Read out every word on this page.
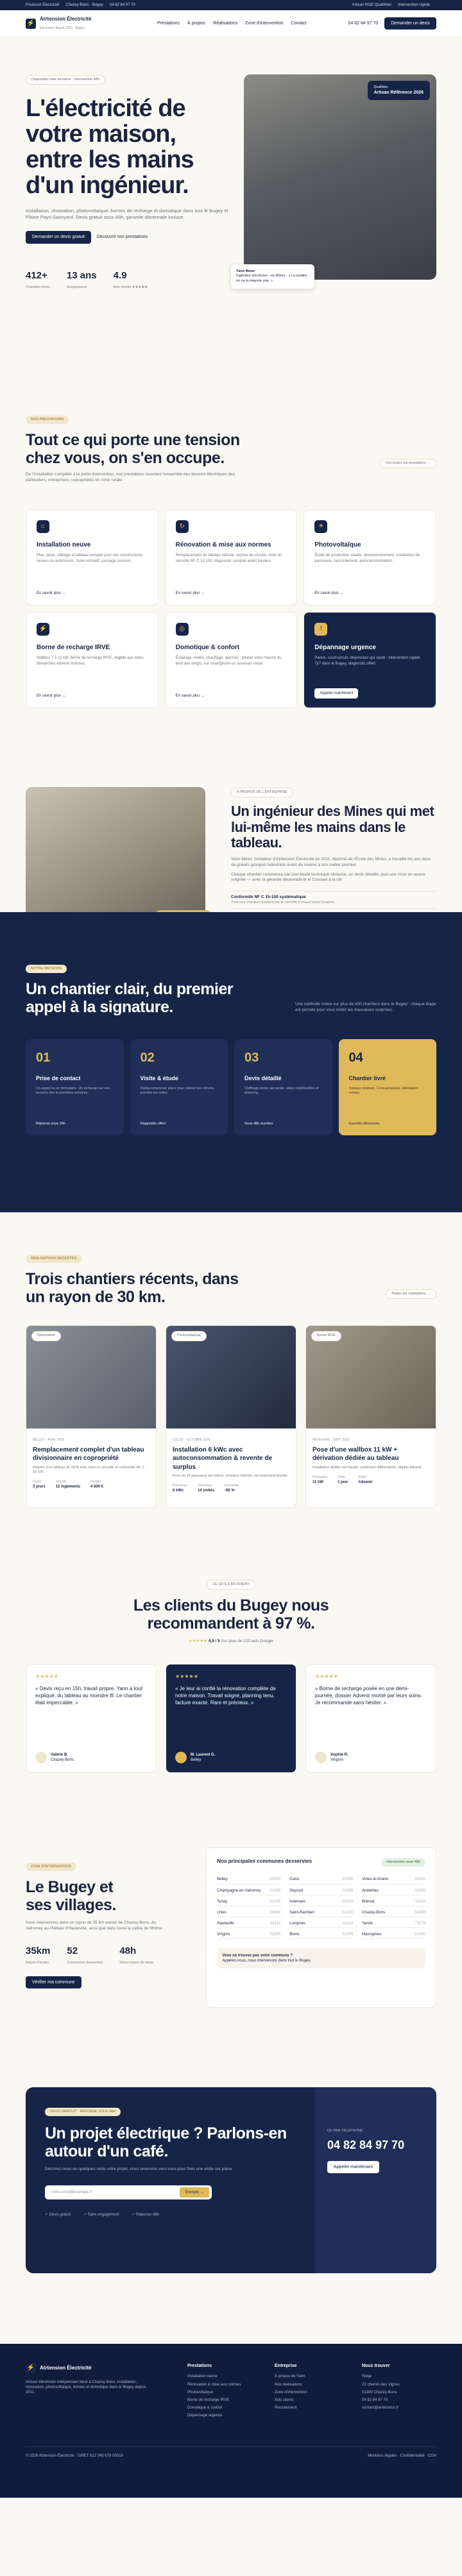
Pouisson Electricité Chazey-Bons · Bugey 04 82 84 97 70	Artisan RGE Qualifelec Intervention rapide
⚡
Atrtension Électricité
Électricien depuis 2011 · Bugey
Prestations À propos Réalisations Zone d'intervention Contact	04 82 84 97 70	Demander un devis
Disponible cette semaine · Intervention 48h
L'électricité de votre maison, entre les mains d'un ingénieur.

Installation, rénovation, photovoltaïque, bornes de recharge et domotique dans tout le Bugey et Plaine Pays-Savoyard. Devis gratuit sous 48h, garantie décennale incluse.

Demander un devis gratuit	Découvrir nos prestations
412+
Chantiers livrés
13 ans
d'expérience
4.9
Avis clients ★★★★★
Qualifelec
Artisan Référence 2026
Yann Meier
Ingénieur électricien · ex-Mines · « La qualité, on ne la négocie pas. »
NOS PRESTATIONS
Tout ce qui porte une tension chez vous, on s'en occupe.

De l'installation complète à la petite intervention, nos prestations couvrent l'ensemble des besoins électriques des particuliers, entreprises, copropriétés en zone rurale.

Voir toutes les prestations →
⌂
Installation neuve

Plan, pose, câblage et tableau complet pour vos constructions neuves ou extensions. Suivi normatif, passage consuel.

En savoir plus →
↻
Rénovation & mise aux normes

Remplacement de tableau vétuste, reprise de circuits, mise en sécurité NF C 15-100, diagnostic complet avant travaux.

En savoir plus →
☀
Photovoltaïque

Étude de production solaire, dimensionnement, installation de panneaux, raccordement, autoconsommation.

En savoir plus →
⚡
Borne de recharge IRVE

Wallbox 7 à 22 kW, borne de recharge IRVE, éligible aux aides, démarches Advenir incluses.

En savoir plus →
◎
Domotique & confort

Éclairage, volets, chauffage, alarmes : pilotez votre maison du bout des doigts, sur smartphone ou assistant vocal.

En savoir plus →
!
Dépannage urgence

Panne, court-circuit, disjoncteur qui saute : intervention rapide 7j/7 dans le Bugey, diagnostic offert.

Appeler maintenant
À PROPOS DE L'ENTREPRISE
Un ingénieur des Mines qui met lui-même les mains dans le tableau.

Yann Meier, fondateur d'Atrtension Électricité en 2011, diplômé de l'École des Mines, a travaillé dix ans dans de grands groupes industriels avant de revenir à son métier premier.

Chaque chantier commence par une étude technique sérieuse, un devis détaillé, puis une mise en œuvre soignée — avec la garantie décennale et le Consuel à la clé.

Conformité NF C 15-100 systématique
Tous nos chantiers passent par le contrôle Consuel avant livraison

NOTRE MÉTHODE
Un chantier clair, du premier appel à la signature.	Une méthode rodée sur plus de 400 chantiers dans le Bugey : chaque étape est pensée pour vous éviter les mauvaises surprises.

01
Prise de contact

Un appel ou un formulaire. Un échange sur vos besoins dès la première semaine.

Réponse sous 24h
02
Visite & étude

Déplacement sur place pour relever les circuits, prendre les cotes.

Diagnostic offert
03
Devis détaillé

Chiffrage poste par poste, aides mobilisables et planning.

Sous 48h ouvrées
04
Chantier livré

Travaux réalisés, Consuel passé, attestation remise.

Garantie décennale
RÉALISATIONS RÉCENTES
Trois chantiers récents, dans un rayon de 30 km.	Toutes les réalisations →
Rénovation
BELLEY · AVRIL 2026
Remplacement complet d'un tableau divisionnaire en copropriété

Reprise d'un tableau de 1978 avec mise en sécurité et conformité NF C 15-100.

Durée
3 jours
Circuits
12 logements
Budget
4 800 €
Photovoltaïque
CULOZ · OCTOBRE 2025
Installation 6 kWc avec autoconsommation & revente de surplus

Pose de 14 panneaux sur toiture, onduleur hybride, raccordement Enedis.

Puissance
6 kWc
Panneaux
14 unités
Économie
-65 %
Borne IRVE
ARTEMARE · SEPT 2025
Pose d'une wallbox 11 kW + dérivation dédiée au tableau

Installation dédiée sur façade, protection différentielle, éligible Advenir.

Puissance
11 kW
Délai
1 jour
Aides
Advenir
CE QU'ILS EN DISENT
Les clients du Bugey nous recommandent à 97 %.
★★★★★ 4,9 / 5 Sur plus de 120 avis Google
★★★★★

« Devis reçu en 15h, travail propre. Yann a tout expliqué, du tableau au moindre fil. Le chantier était impeccable. »

Valérie B.
Chazey-Bons
★★★★★

« Je leur ai confié la rénovation complète de notre maison. Travail soigné, planning tenu, facture exacte. Rare et précieux. »

M. Laurent G.
Belley
★★★★★

« Borne de recharge posée en une demi-journée, dossier Advenir monté par leurs soins. Je recommande sans hésiter. »

Sophie R.
Virignin
ZONE D'INTERVENTION
Le Bugey et ses villages.

Nous intervenons dans un rayon de 35 km autour de Chazey-Bons, du Valromey au Plateau d'Hauteville, ainsi que dans toute la vallée du Rhône.

35km
Rayon d'action
52
Communes desservies
48h
Délai moyen de devis
Vérifier ma commune
Nos principales communes desservies	Intervention sous 48h
Belley	01300 Culoz	01350 Virieu-le-Grand	01510
Champagne-en-Valromey 01260 Seyssel	01420 Ambérieu	01500
Tenay	01230 Artemare	01510 Brénod	01110
Lhuis	01680 Saint-Rambert	01230 Chazey-Bons	01300
Hauteville	01110 Lompnes	01110 Yenne	73170
Virignin	01300 Brens	01300 Massignieu	01300
Vous ne trouvez pas votre commune ?
Appelez-nous, nous intervenons dans tout le Bugey.
DEVIS GRATUIT · RÉPONSE SOUS 48H
Un projet électrique ? Parlons-en autour d'un café.

Décrivez-nous en quelques mots votre projet, nous revenons vers vous pour fixer une visite sur place.

votre.email@exemple.fr	Envoyer →
✓ Devis gratuit	✓ Sans engagement	✓ Réponse 48h
OU PAR TÉLÉPHONE
04 82 84 97 70
Appeler maintenant
⚡ Atrtension Électricité

Artisan électricien indépendant basé à Chazey-Bons. Installation, rénovation, photovoltaïque, bornes et domotique dans le Bugey depuis 2011.

Prestations
Installation neuve
Rénovation & mise aux normes
Photovoltaïque
Borne de recharge IRVE
Domotique & confort
Dépannage urgence
Entreprise
À propos de Yann
Nos réalisations
Zone d'intervention
Avis clients
Recrutement
Nous trouver
Siège
22 chemin des Vignes
01300 Chazey-Bons
04 82 84 97 70
contact@atrtension.fr
© 2026 Atrtension Électricité · SIRET 812 345 678 00019	Mentions légales · Confidentialité · CGV
